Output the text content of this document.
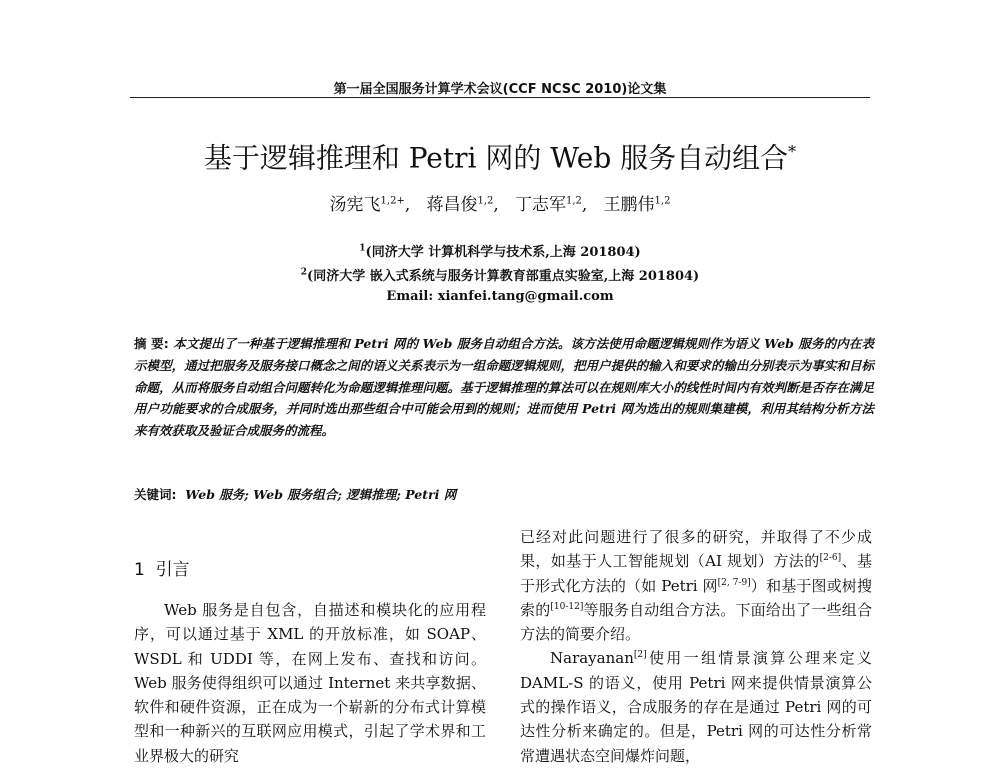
第一届全国服务计算学术会议(CCF NCSC 2010)论文集
基于逻辑推理和 Petri 网的 Web 服务自动组合*
汤宪飞$^{1,2+}$,   蒋昌俊$^{1,2}$,   丁志军$^{1,2}$,   王鹏伟$^{1,2}$
$^1$(同济大学 计算机科学与技术系,上海 201804)
$^2$(同济大学 嵌入式系统与服务计算教育部重点实验室,上海 201804)
Email: xianfei.tang@gmail.com
摘 要: 本文提出了一种基于逻辑推理和 Petri 网的 Web 服务自动组合方法。该方法使用命题逻辑规则作为语义 Web 服务的内在表示模型，通过把服务及服务接口概念之间的语义关系表示为一组命题逻辑规则，把用户提供的输入和要求的输出分别表示为事实和目标命题，从而将服务自动组合问题转化为命题逻辑推理问题。基于逻辑推理的算法可以在规则库大小的线性时间内有效判断是否存在满足用户功能要求的合成服务，并同时选出那些组合中可能会用到的规则；进而使用 Petri 网为选出的规则集建模，利用其结构分析方法来有效获取及验证合成服务的流程。
关键词: Web 服务; Web 服务组合; 逻辑推理; Petri 网
1 引言

Web 服务是自包含，自描述和模块化的应用程序，可以通过基于 XML 的开放标准，如 SOAP、WSDL 和 UDDI 等，在网上发布、查找和访问。Web 服务使得组织可以通过 Internet 来共享数据、软件和硬件资源，正在成为一个崭新的分布式计算模型和一种新兴的互联网应用模式，引起了学术界和工业界极大的研究

已经对此问题进行了很多的研究，并取得了不少成果，如基于人工智能规划（AI 规划）方法的[2-6]、基于形式化方法的（如 Petri 网[2, 7-9]）和基于图或树搜索的[10-12]等服务自动组合方法。下面给出了一些组合方法的简要介绍。

Narayanan[2]使用一组情景演算公理来定义 DAML-S 的语义，使用 Petri 网来提供情景演算公式的操作语义，合成服务的存在是通过 Petri 网的可达性分析来确定的。但是，Petri 网的可达性分析常常遭遇状态空间爆炸问题，
